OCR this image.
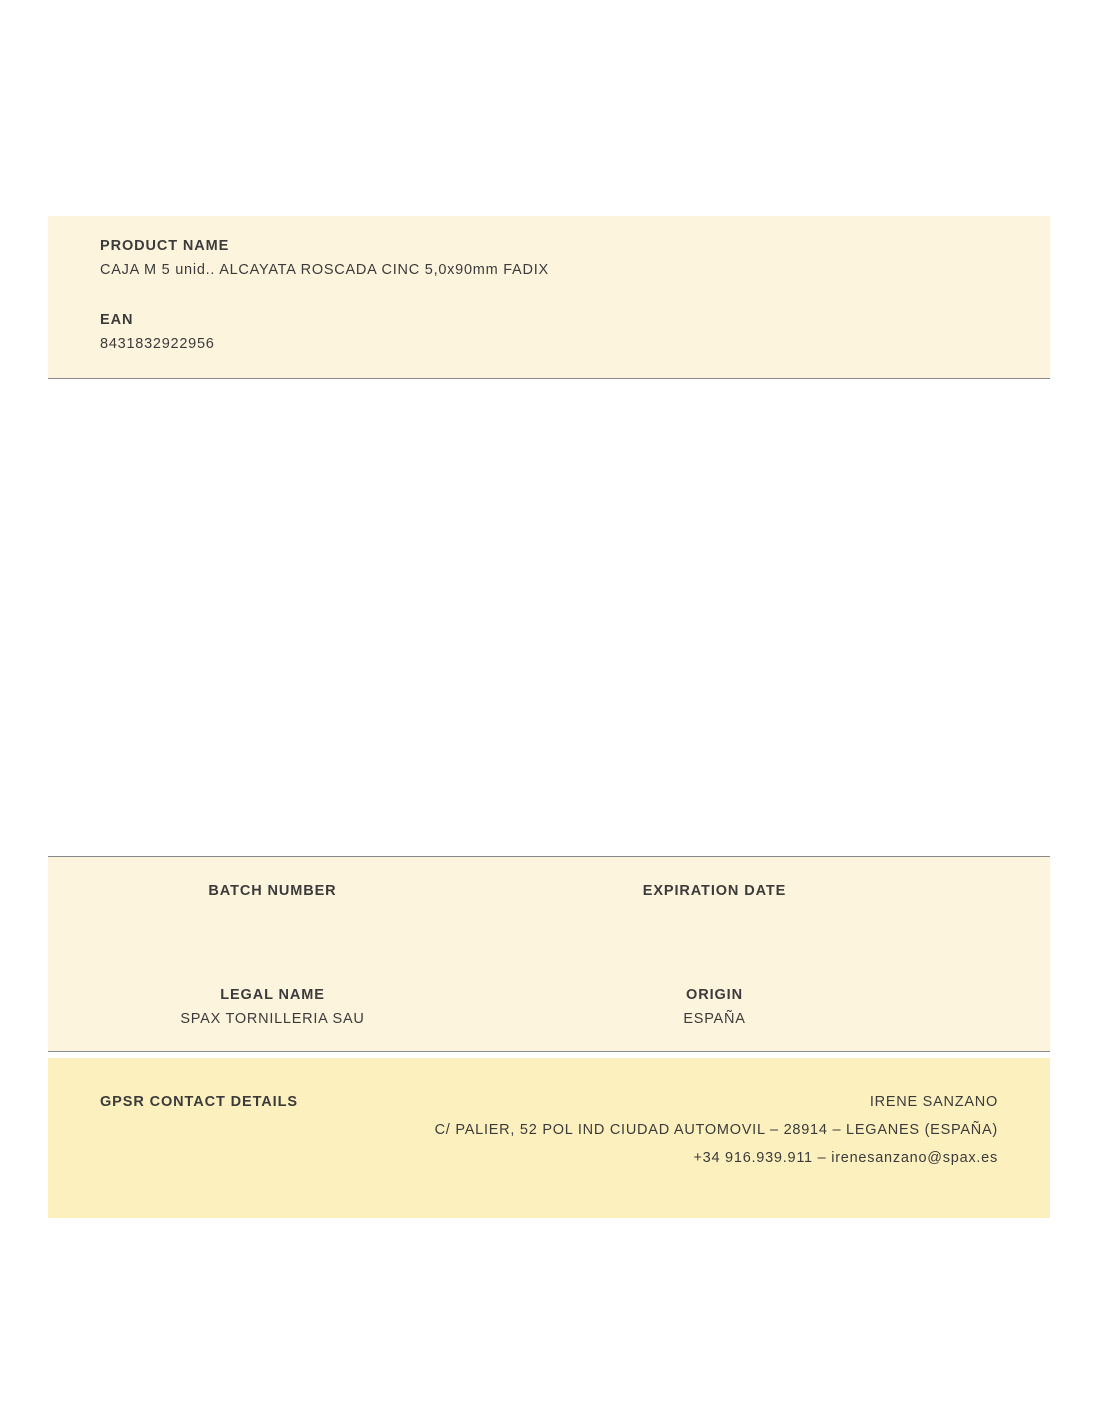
PRODUCT NAME
CAJA M 5 unid.. ALCAYATA ROSCADA CINC 5,0x90mm FADIX
EAN
8431832922956
BATCH NUMBER	EXPIRATION DATE
LEGAL NAME
SPAX TORNILLERIA SAU
ORIGIN
ESPAÑA
GPSR CONTACT DETAILS	IRENE SANZANO
C/ PALIER, 52 POL IND CIUDAD AUTOMOVIL – 28914 – LEGANES (ESPAÑA)
+34 916.939.911 – irenesanzano@spax.es
